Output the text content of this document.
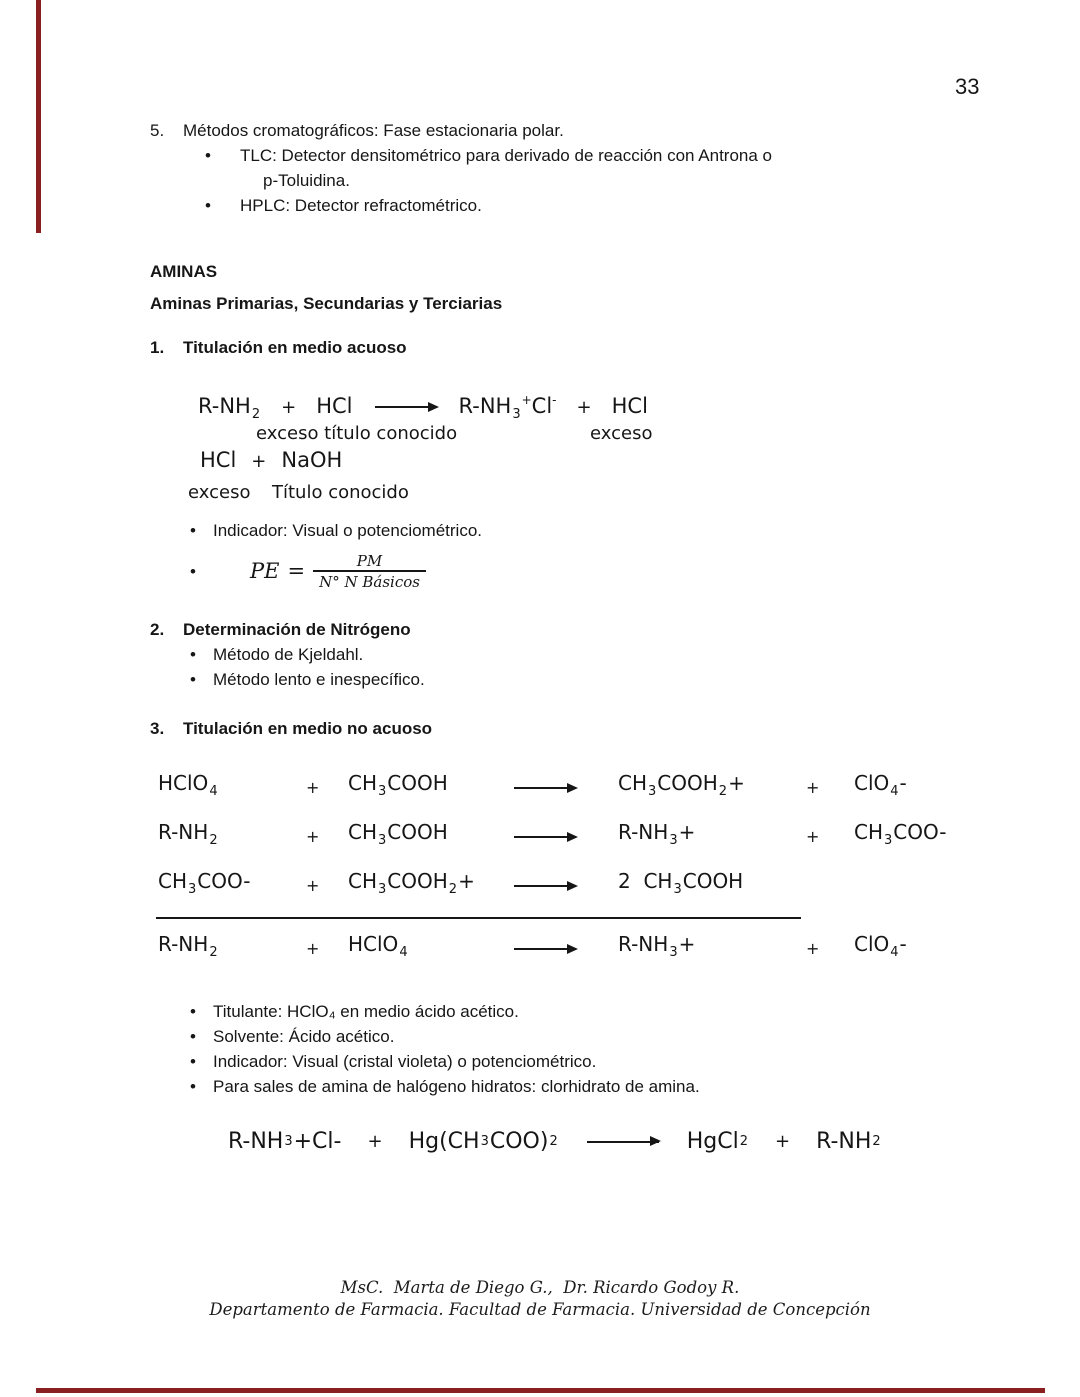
33
5.	Métodos cromatográficos: Fase estacionaria polar.
•
TLC: Detector densitométrico para derivado de reacción con Antrona o
p-Toluidina.
•
HPLC: Detector refractométrico.
AMINAS
Aminas Primarias, Secundarias y Terciarias
1.	Titulación en medio acuoso
$R-NH_2$ + HCl	$R-NH_3^+Cl^-$ + HCl
exceso título conocido	exceso
HCl + NaOH
exceso Título conocido
•
Indicador: Visual o potenciométrico.
•
PE = $\frac{PM}{\text{N° N Básicos}}$
2.	Determinación de Nitrógeno
•
Método de Kjeldahl.
•
Método lento e inespecífico.
3.	Titulación en medio no acuoso
HClO$_4$	+	$CH_3COOH$	$CH_3COOH_2+$	+	ClO$_4$-
$R-NH_2$	+	$CH_3COOH$	$R-NH_3+$	+	$CH_3COO-$
$CH_3COO-$	+	$CH_3COOH_2+$	2  $CH_3COOH$
$R-NH_2$	+	HClO$_4$	$R-NH_3+$	+	ClO$_4$-
•
Titulante: HClO₄ en medio ácido acético.
•
Solvente: Ácido acético.
•
Indicador: Visual (cristal violeta) o potenciométrico.
•
Para sales de amina de halógeno hidratos: clorhidrato de amina.
R-NH 3 +Cl- + Hg(CH 3 COO) 2	HgCl 2 + R-NH 2
MsC.  Marta de Diego G.,  Dr. Ricardo Godoy R.
Departamento de Farmacia. Facultad de Farmacia. Universidad de Concepción
